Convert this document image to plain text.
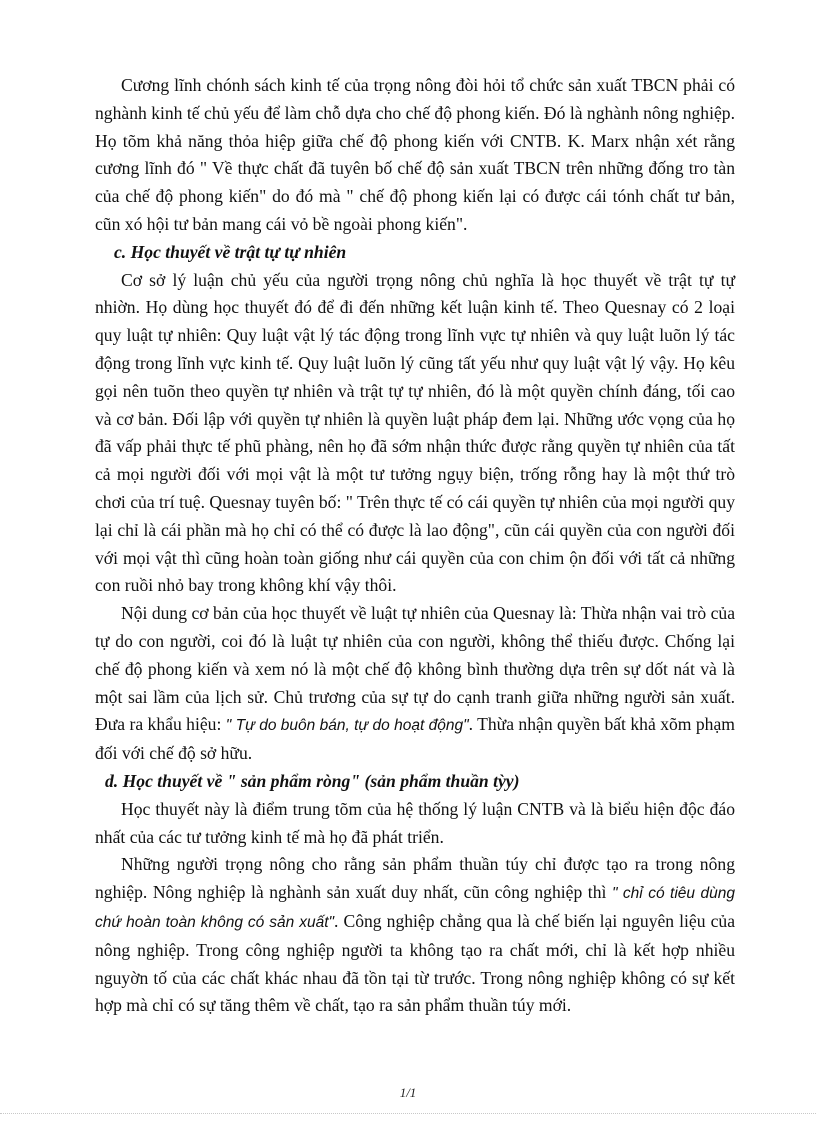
Cương lĩnh chónh sách kinh tế của trọng nông đòi hỏi tổ chức sản xuất TBCN phải có nghành kinh tế chủ yếu để làm chỗ dựa cho chế độ phong kiến. Đó là nghành nông nghiệp. Họ tõm khả năng thỏa hiệp giữa chế độ phong kiến với CNTB. K. Marx nhận xét rằng cương lĩnh đó " Về thực chất đã tuyên bố chế độ sản xuất TBCN trên những đống tro tàn của chế độ phong kiến" do đó mà " chế độ phong kiến lại có được cái tónh chất tư bản, cũn xó hội tư bản mang cái vỏ bề ngoài phong kiến".

c. Học thuyết về trật tự tự nhiên

Cơ sở lý luận chủ yếu của người trọng nông chủ nghĩa là học thuyết về trật tự tự nhiờn. Họ dùng học thuyết đó để đi đến những kết luận kinh tế. Theo Quesnay có 2 loại quy luật tự nhiên: Quy luật vật lý tác động trong lĩnh vực tự nhiên và quy luật luõn lý tác động trong lĩnh vực kinh tế. Quy luật luõn lý cũng tất yếu như quy luật vật lý vậy. Họ kêu gọi nên tuõn theo quyền tự nhiên và trật tự tự nhiên, đó là một quyền chính đáng, tối cao và cơ bản. Đối lập với quyền tự nhiên là quyền luật pháp đem lại. Những ước vọng của họ đã vấp phải thực tế phũ phàng, nên họ đã sớm nhận thức được rằng quyền tự nhiên của tất cả mọi người đối với mọi vật là một tư tưởng ngụy biện, trống rỗng hay là một thứ trò chơi của trí tuệ. Quesnay tuyên bố: " Trên thực tế có cái quyền tự nhiên của mọi người quy lại chỉ là cái phần mà họ chỉ có thể có được là lao động", cũn cái quyền của con người đối với mọi vật thì cũng hoàn toàn giống như cái quyền của con chim ộn đối với tất cả những con ruồi nhỏ bay trong không khí vậy thôi.

Nội dung cơ bản của học thuyết về luật tự nhiên của Quesnay là: Thừa nhận vai trò của tự do con người, coi đó là luật tự nhiên của con người, không thể thiếu được. Chống lại chế độ phong kiến và xem nó là một chế độ không bình thường dựa trên sự dốt nát và là một sai lầm của lịch sử. Chủ trương của sự tự do cạnh tranh giữa những người sản xuất. Đưa ra khẩu hiệu: " Tự do buôn bán, tự do hoạt động". Thừa nhận quyền bất khả xõm phạm đối với chế độ sở hữu.

d. Học thuyết về " sản phẩm ròng" (sản phẩm thuần tỳy)

Học thuyết này là điểm trung tõm của hệ thống lý luận CNTB và là biểu hiện độc đáo nhất của các tư tưởng kinh tế mà họ đã phát triển.

Những người trọng nông cho rằng sản phẩm thuần túy chỉ được tạo ra trong nông nghiệp. Nông nghiệp là nghành sản xuất duy nhất, cũn công nghiệp thì " chỉ có tiêu dùng chứ hoàn toàn không có sản xuất". Công nghiệp chẳng qua là chế biến lại nguyên liệu của nông nghiệp. Trong công nghiệp người ta không tạo ra chất mới, chỉ là kết hợp nhiều nguyờn tố của các chất khác nhau đã tồn tại từ trước. Trong nông nghiệp không có sự kết hợp mà chỉ có sự tăng thêm về chất, tạo ra sản phẩm thuần túy mới.

1/1
